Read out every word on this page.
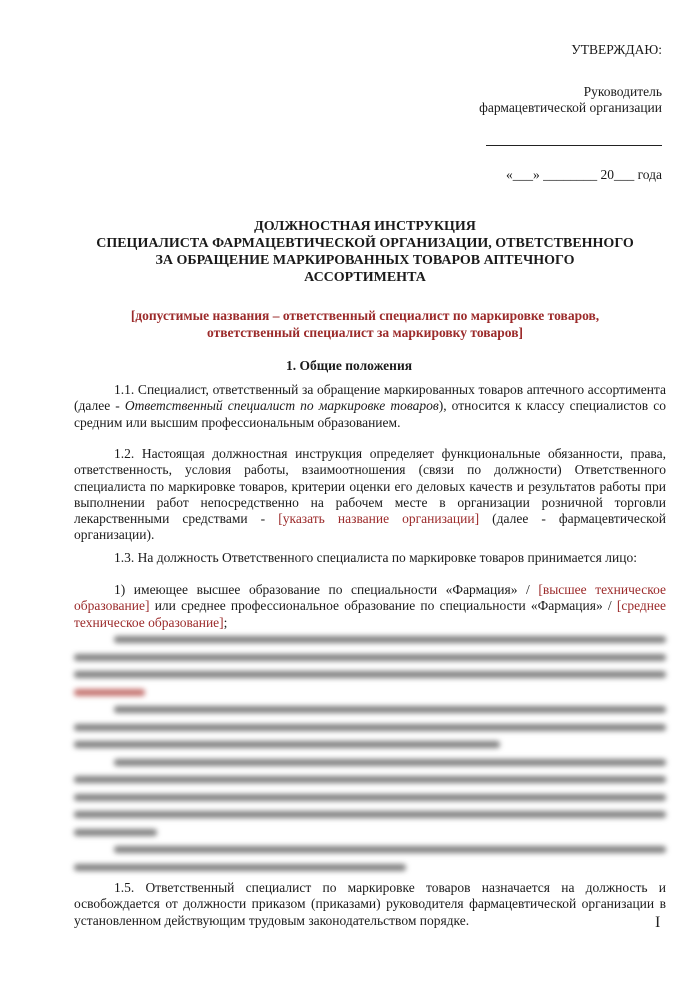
УТВЕРЖДАЮ:
Руководитель
фармацевтической организации
«___» ________ 20___ года
ДОЛЖНОСТНАЯ ИНСТРУКЦИЯ
СПЕЦИАЛИСТА ФАРМАЦЕВТИЧЕСКОЙ ОРГАНИЗАЦИИ, ОТВЕТСТВЕННОГО
ЗА ОБРАЩЕНИЕ МАРКИРОВАННЫХ ТОВАРОВ АПТЕЧНОГО
АССОРТИМЕНТА
[допустимые названия – ответственный специалист по маркировке товаров,
ответственный специалист за маркировку товаров]
1. Общие положения

1.1. Специалист, ответственный за обращение маркированных товаров аптечного ассортимента (далее - Ответственный специалист по маркировке товаров), относится к классу специалистов со средним или высшим профессиональным образованием.

1.2. Настоящая должностная инструкция определяет функциональные обязанности, права, ответственность, условия работы, взаимоотношения (связи по должности) Ответственного специалиста по маркировке товаров, критерии оценки его деловых качеств и результатов работы при выполнении работ непосредственно на рабочем месте в организации розничной торговли лекарственными средствами - [указать название организации] (далее - фармацевтической организации).

1.3. На должность Ответственного специалиста по маркировке товаров принимается лицо:

1) имеющее высшее образование по специальности «Фармация» / [высшее техническое образование] или среднее профессиональное образование по специальности «Фармация» / [среднее техническое образование];

1.5. Ответственный специалист по маркировке товаров назначается на должность и освобождается от должности приказом (приказами) руководителя фармацевтической организации в установленном действующим трудовым законодательством порядке.	Ι
